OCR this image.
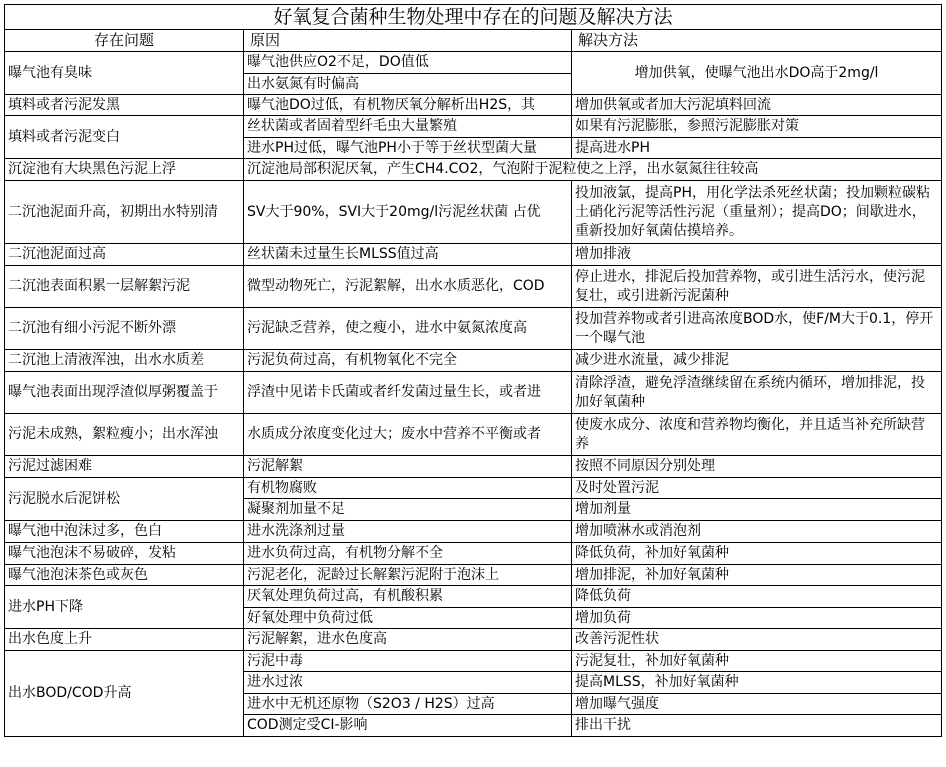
好氧复合菌种生物处理中存在的问题及解决方法		
存在问题	原因	解决方法
曝气池有臭味	曝气池供应O2不足，DO值低	增加供氧，使曝气池出水DO高于2mg/l
	出水氨氮有时偏高	
填料或者污泥发黑	曝气池DO过低，有机物厌氧分解析出H2S，其	增加供氧或者加大污泥填料回流
填料或者污泥变白	丝状菌或者固着型纤毛虫大量繁殖	如果有污泥膨胀，参照污泥膨胀对策
	进水PH过低，曝气池PH小于等于丝状型菌大量	提高进水PH
沉淀池有大块黑色污泥上浮	沉淀池局部积泥厌氧，产生CH4.CO2，气泡附于泥粒使之上浮，出水氨氮往往较高	
二沉池泥面升高，初期出水特别清	SV大于90%，SVI大于20mg/l污泥丝状菌 占优	投加液氯，提高PH，用化学法杀死丝状菌；投加颗粒碳粘土硝化污泥等活性污泥（重量剂）；提高DO；间歇进水，重新投加好氧菌估摸培养。
二沉池泥面过高	丝状菌未过量生长MLSS值过高	增加排液
二沉池表面积累一层解絮污泥	微型动物死亡，污泥絮解，出水水质恶化，COD	停止进水，排泥后投加营养物，或引进生活污水，使污泥复壮，或引进新污泥菌种
二沉池有细小污泥不断外漂	污泥缺乏营养，使之瘦小，进水中氨氮浓度高	投加营养物或者引进高浓度BOD水，使F/M大于0.1，停开一个曝气池
二沉池上清液浑浊，出水水质差	污泥负荷过高，有机物氧化不完全	减少进水流量，减少排泥
曝气池表面出现浮渣似厚粥覆盖于	浮渣中见诺卡氏菌或者纤发菌过量生长，或者进	清除浮渣，避免浮渣继续留在系统内循环，增加排泥，投加好氧菌种
污泥未成熟，絮粒瘦小；出水浑浊	水质成分浓度变化过大；废水中营养不平衡或者	使废水成分、浓度和营养物均衡化，并且适当补充所缺营养
污泥过滤困难	污泥解絮	按照不同原因分别处理
污泥脱水后泥饼松	有机物腐败	及时处置污泥
	凝聚剂加量不足	增加剂量
曝气池中泡沫过多，色白	进水洗涤剂过量	增加喷淋水或消泡剂
曝气池泡沫不易破碎，发粘	进水负荷过高，有机物分解不全	降低负荷，补加好氧菌种
曝气池泡沫茶色或灰色	污泥老化，泥龄过长解絮污泥附于泡沫上	增加排泥，补加好氧菌种
进水PH下降	厌氧处理负荷过高，有机酸积累	降低负荷
	好氧处理中负荷过低	增加负荷
出水色度上升	污泥解絮，进水色度高	改善污泥性状
出水BOD/COD升高	污泥中毒	污泥复壮，补加好氧菌种
	进水过浓	提高MLSS，补加好氧菌种
	进水中无机还原物（S2O3 / H2S）过高	增加曝气强度
	COD测定受CI-影响	排出干扰
